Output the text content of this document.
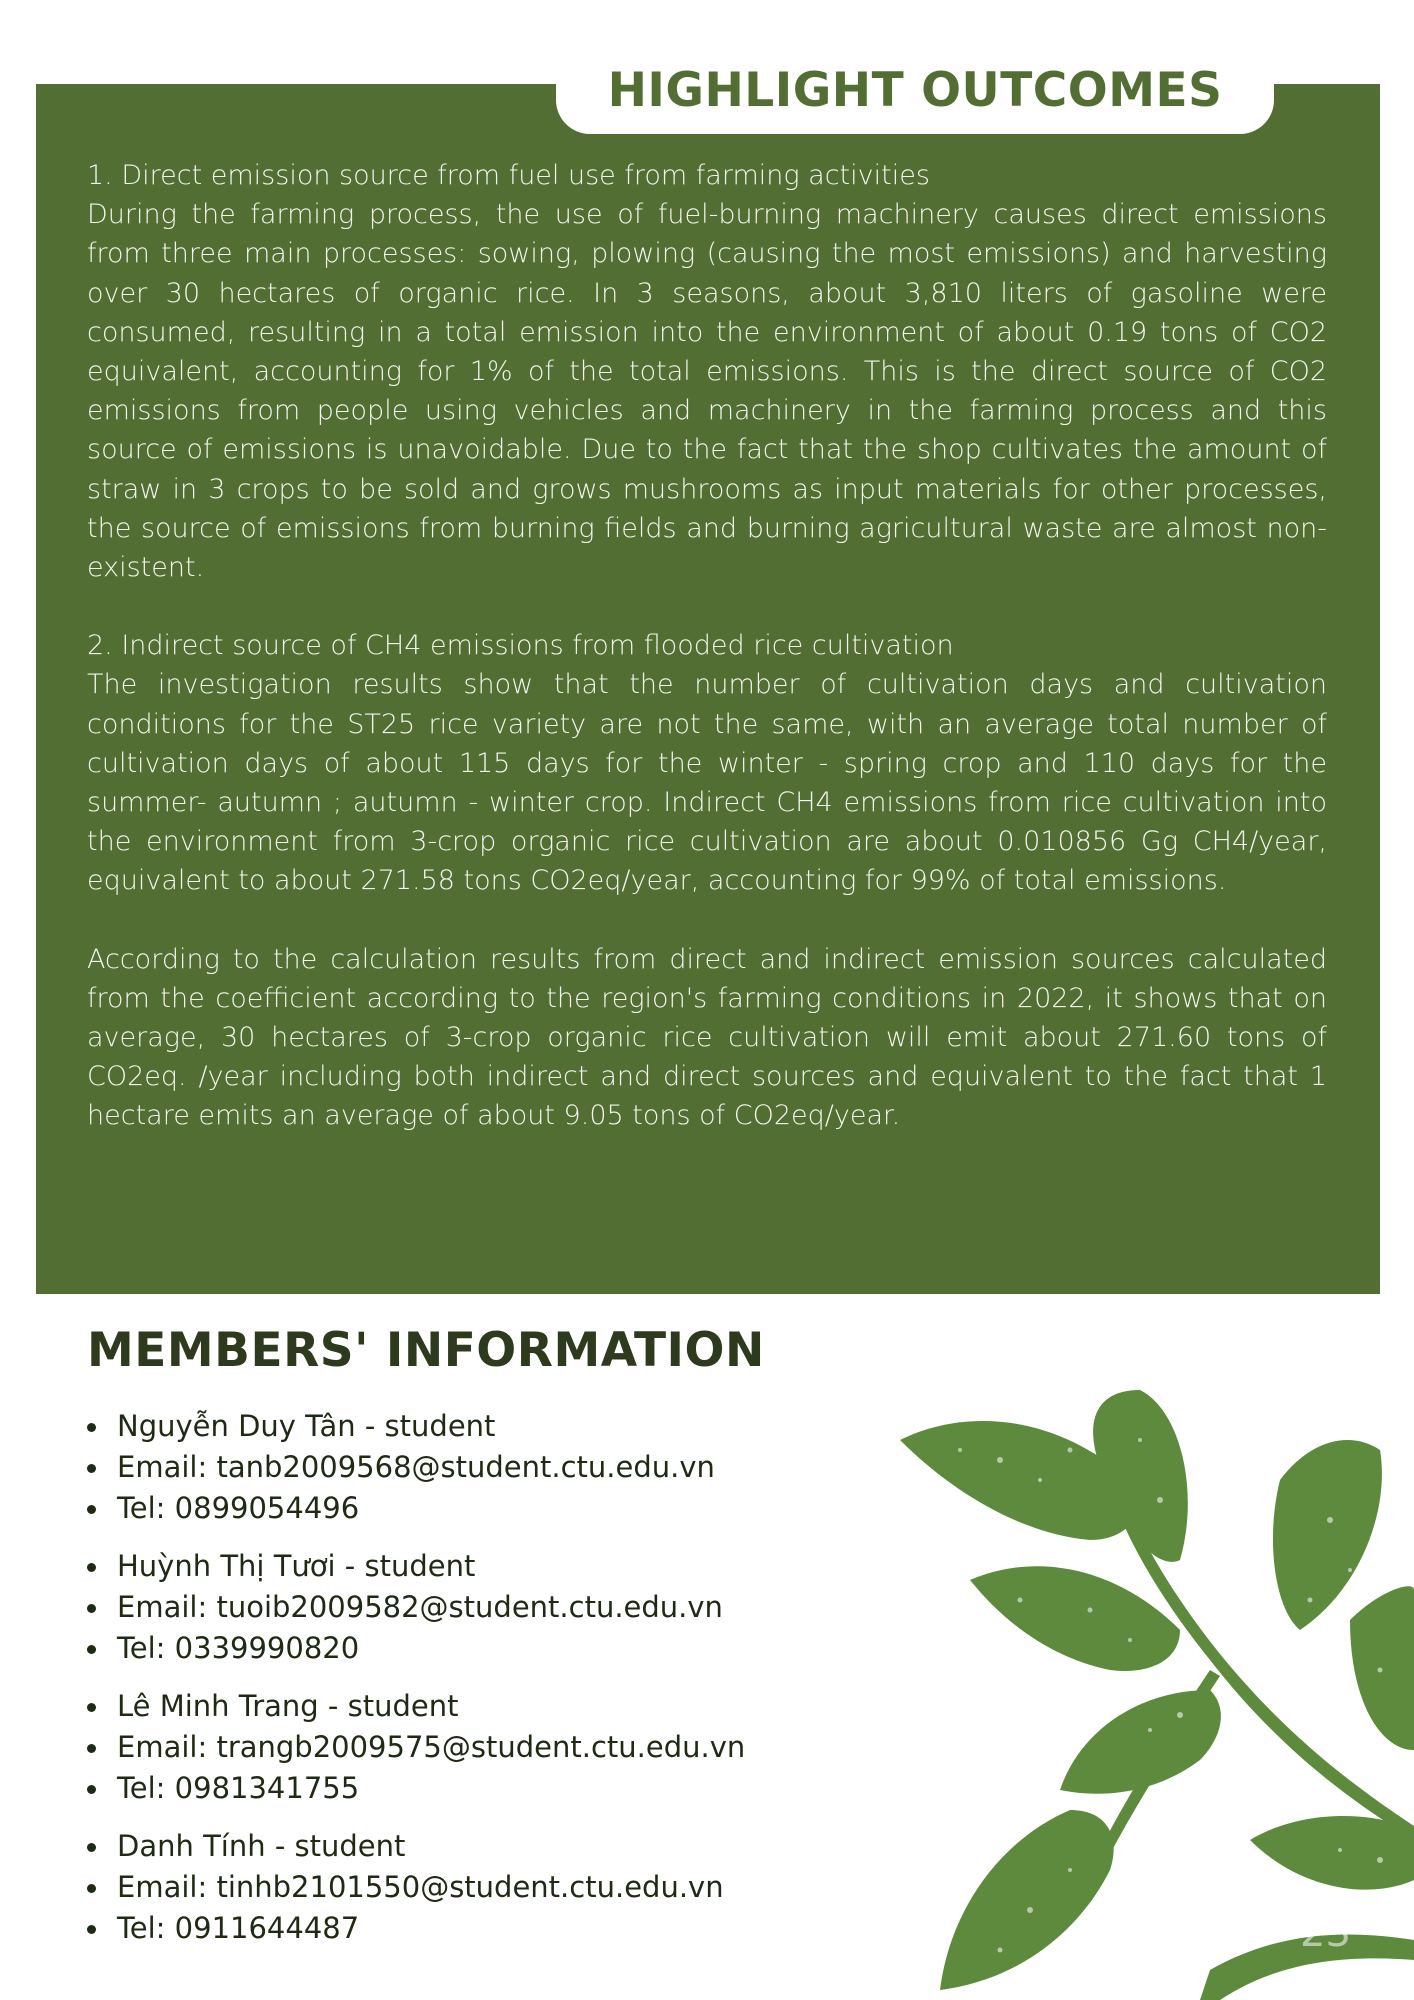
HIGHLIGHT OUTCOMES

1. Direct emission source from fuel use from farming activities
During the farming process, the use of fuel-burning machinery causes direct emissions from three main processes: sowing, plowing (causing the most emissions) and harvesting over 30 hectares of organic rice. In 3 seasons, about 3,810 liters of gasoline were consumed, resulting in a total emission into the environment of about 0.19 tons of CO2 equivalent, accounting for 1% of the total emissions. This is the direct source of CO2 emissions from people using vehicles and machinery in the farming process and this source of emissions is unavoidable. Due to the fact that the shop cultivates the amount of straw in 3 crops to be sold and grows mushrooms as input materials for other processes, the source of emissions from burning fields and burning agricultural waste are almost non-existent.

2. Indirect source of CH4 emissions from flooded rice cultivation
The investigation results show that the number of cultivation days and cultivation conditions for the ST25 rice variety are not the same, with an average total number of cultivation days of about 115 days for the winter - spring crop and 110 days for the summer- autumn ; autumn - winter crop. Indirect CH4 emissions from rice cultivation into the environment from 3-crop organic rice cultivation are about 0.010856 Gg CH4/year, equivalent to about 271.58 tons CO2eq/year, accounting for 99% of total emissions.

According to the calculation results from direct and indirect emission sources calculated from the coefficient according to the region's farming conditions in 2022, it shows that on average, 30 hectares of 3-crop organic rice cultivation will emit about 271.60 tons of CO2eq. /year including both indirect and direct sources and equivalent to the fact that 1 hectare emits an average of about 9.05 tons of CO2eq/year.

MEMBERS' INFORMATION
Nguyễn Duy Tân - student
Email: tanb2009568@student.ctu.edu.vn
Tel: 0899054496
Huỳnh Thị Tươi - student
Email: tuoib2009582@student.ctu.edu.vn
Tel: 0339990820
Lê Minh Trang - student
Email: trangb2009575@student.ctu.edu.vn
Tel: 0981341755
Danh Tính - student
Email: tinhb2101550@student.ctu.edu.vn
Tel: 0911644487	23
